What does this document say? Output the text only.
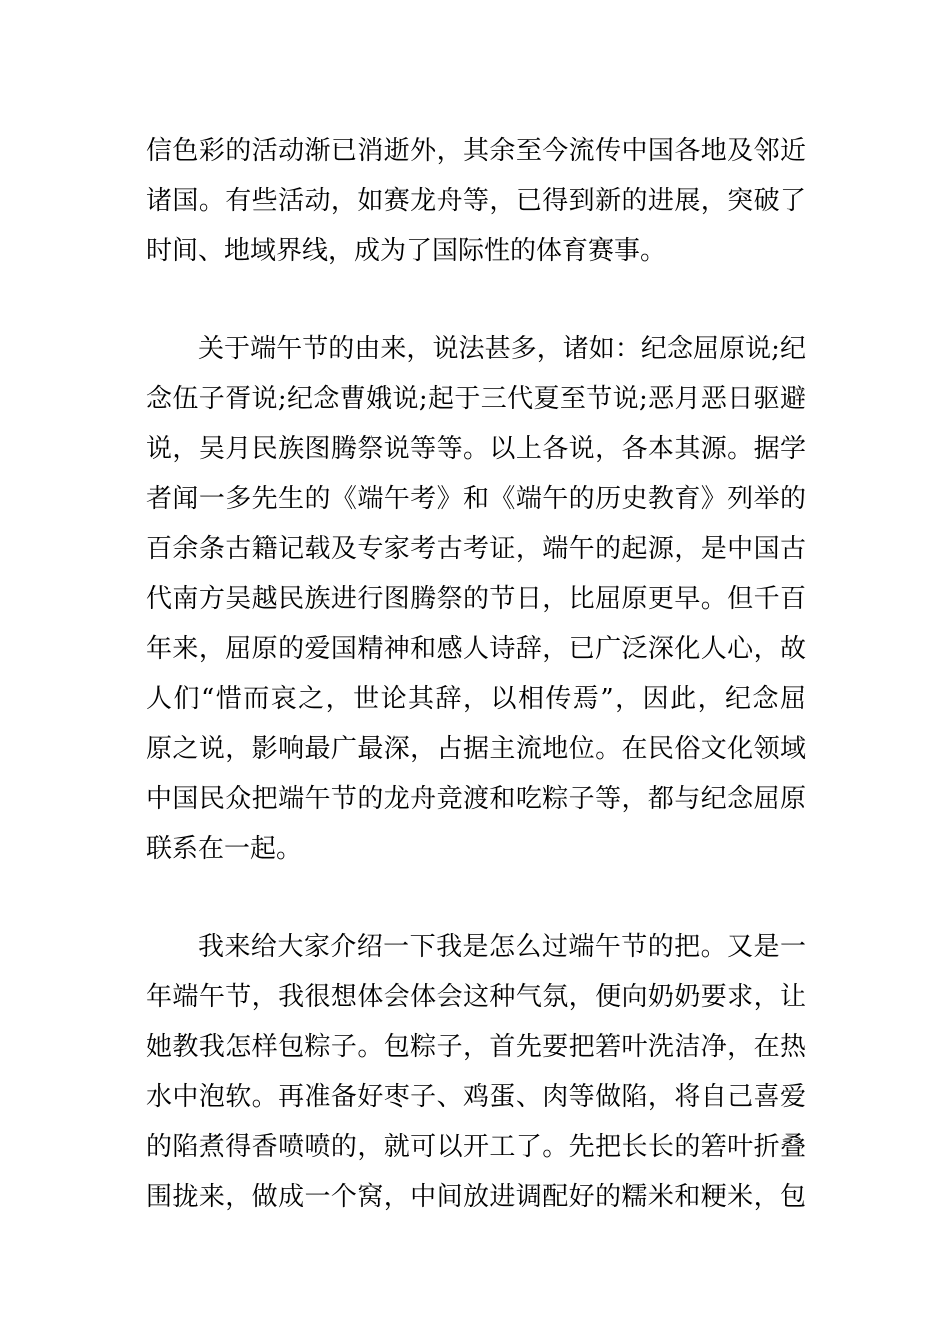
信色彩的活动渐已消逝外，其余至今流传中国各地及邻近
诸国。有些活动，如赛龙舟等，已得到新的进展，突破了
时间、地域界线，成为了国际性的体育赛事。
关于端午节的由来，说法甚多，诸如：纪念屈原说;纪
念伍子胥说;纪念曹娥说;起于三代夏至节说;恶月恶日驱避
说，吴月民族图腾祭说等等。以上各说，各本其源。据学
者闻一多先生的《端午考》和《端午的历史教育》列举的
百余条古籍记载及专家考古考证，端午的起源，是中国古
代南方吴越民族进行图腾祭的节日，比屈原更早。但千百
年来，屈原的爱国精神和感人诗辞，已广泛深化人心，故
人们“惜而哀之，世论其辞，以相传焉”，因此，纪念屈
原之说，影响最广最深，占据主流地位。在民俗文化领域
中国民众把端午节的龙舟竞渡和吃粽子等，都与纪念屈原
联系在一起。
我来给大家介绍一下我是怎么过端午节的把。又是一
年端午节，我很想体会体会这种气氛，便向奶奶要求，让
她教我怎样包粽子。包粽子，首先要把箬叶洗洁净，在热
水中泡软。再准备好枣子、鸡蛋、肉等做陷，将自己喜爱
的陷煮得香喷喷的，就可以开工了。先把长长的箬叶折叠
围拢来，做成一个窝，中间放进调配好的糯米和粳米，包
